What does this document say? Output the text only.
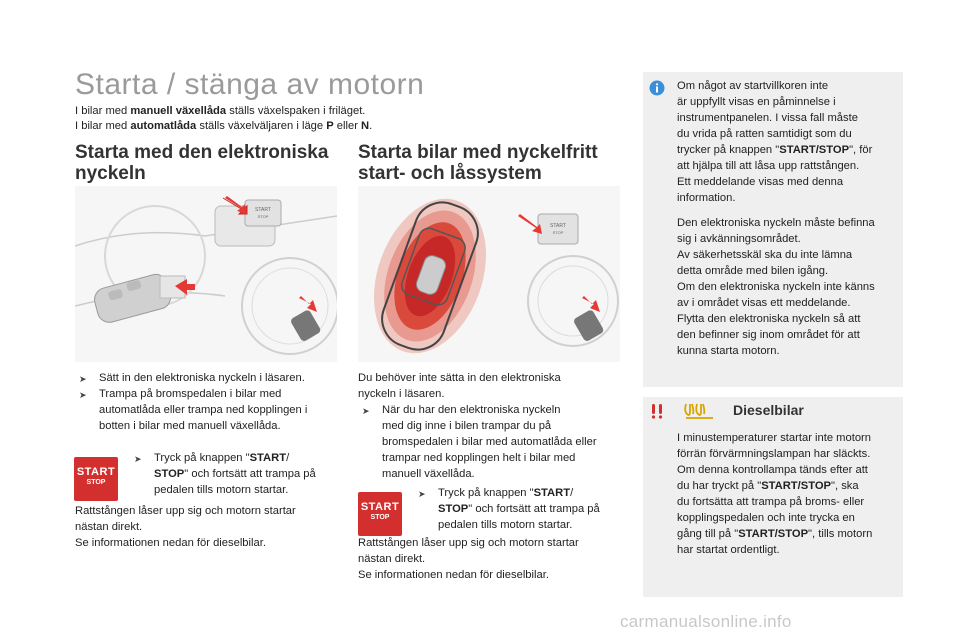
Starta / stänga av motorn
I bilar med manuell växellåda ställs växelspaken i friläget.
I bilar med automatlåda ställs växelväljaren i läge P eller N.
Starta med den elektroniska
nyckeln
Starta bilar med nyckelfritt
start- och låssystem
START
STOP
START
STOP
➤ Sätt in den elektroniska nyckeln i läsaren.
➤ Trampa på bromspedalen i bilar med
automatlåda eller trampa ned kopplingen i
botten i bilar med manuell växellåda.
START
STOP
➤ Tryck på knappen "START/
STOP" och fortsätt att trampa på
pedalen tills motorn startar.
Rattstången låser upp sig och motorn startar
nästan direkt.
Se informationen nedan för dieselbilar.
Du behöver inte sätta in den elektroniska
nyckeln i läsaren.
➤ När du har den elektroniska nyckeln
med dig inne i bilen trampar du på
bromspedalen i bilar med automatlåda eller
trampar ned kopplingen helt i bilar med
manuell växellåda.
START
STOP
➤ Tryck på knappen "START/
STOP" och fortsätt att trampa på
pedalen tills motorn startar.
Rattstången låser upp sig och motorn startar
nästan direkt.
Se informationen nedan för dieselbilar.
Om något av startvillkoren inte
är uppfyllt visas en påminnelse i
instrumentpanelen. I vissa fall måste
du vrida på ratten samtidigt som du
trycker på knappen "START/STOP", för
att hjälpa till att låsa upp rattstången.
Ett meddelande visas med denna
information.
Den elektroniska nyckeln måste befinna
sig i avkänningsområdet.
Av säkerhetsskäl ska du inte lämna
detta område med bilen igång.
Om den elektroniska nyckeln inte känns
av i området visas ett meddelande.
Flytta den elektroniska nyckeln så att
den befinner sig inom området för att
kunna starta motorn.
Dieselbilar
I minustemperaturer startar inte motorn
förrän förvärmningslampan har släckts.
Om denna kontrollampa tänds efter att
du har tryckt på "START/STOP", ska
du fortsätta att trampa på broms- eller
kopplingspedalen och inte trycka en
gång till på "START/STOP", tills motorn
har startat ordentligt.
carmanualsonline.info
